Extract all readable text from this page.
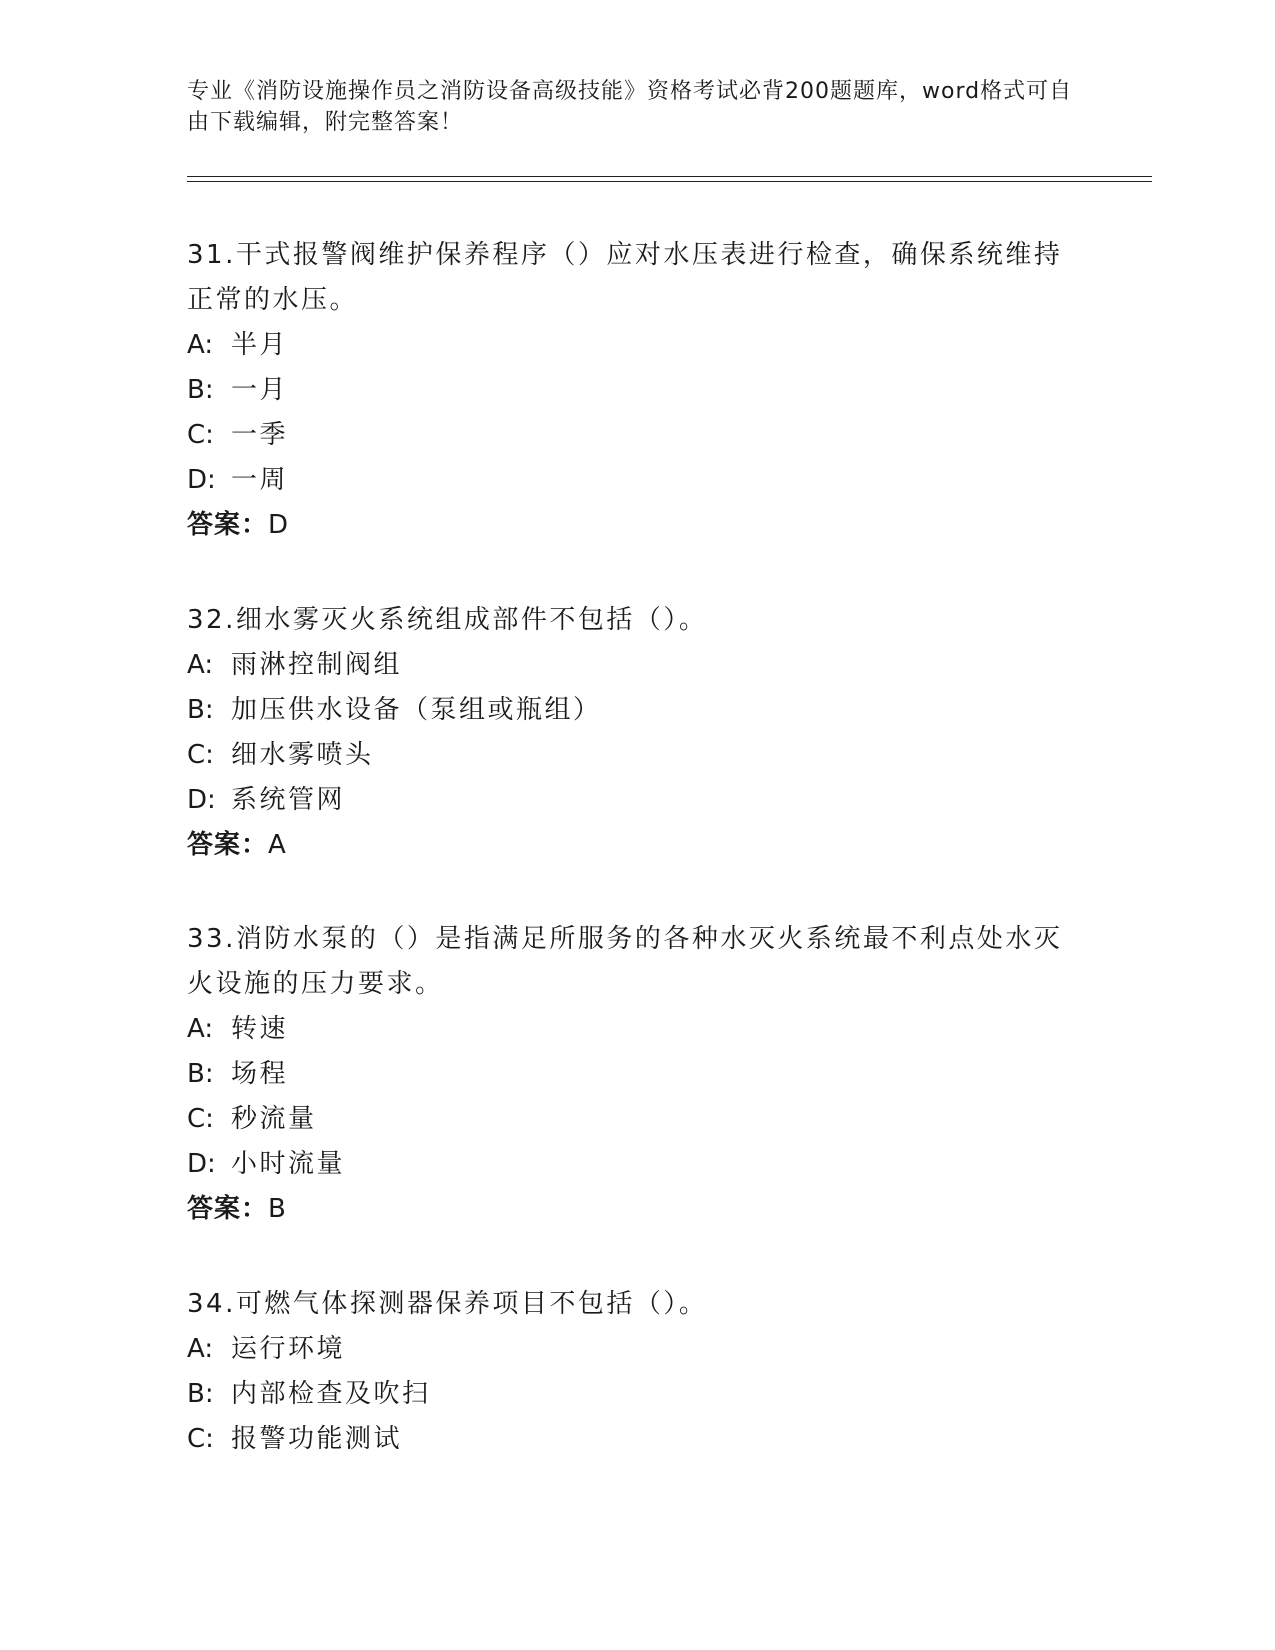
专业《消防设施操作员之消防设备高级技能》资格考试必背200题题库，word格式可自由下载编辑，附完整答案！

31.干式报警阀维护保养程序（）应对水压表进行检查，确保系统维持正常的水压。

A: 半月

B: 一月

C: 一季

D: 一周

答案：D

32.细水雾灭火系统组成部件不包括（）。

A: 雨淋控制阀组

B: 加压供水设备（泵组或瓶组）

C: 细水雾喷头

D: 系统管网

答案：A

33.消防水泵的（）是指满足所服务的各种水灭火系统最不利点处水灭火设施的压力要求。

A: 转速

B: 场程

C: 秒流量

D: 小时流量

答案：B

34.可燃气体探测器保养项目不包括（）。

A: 运行环境

B: 内部检查及吹扫

C: 报警功能测试
